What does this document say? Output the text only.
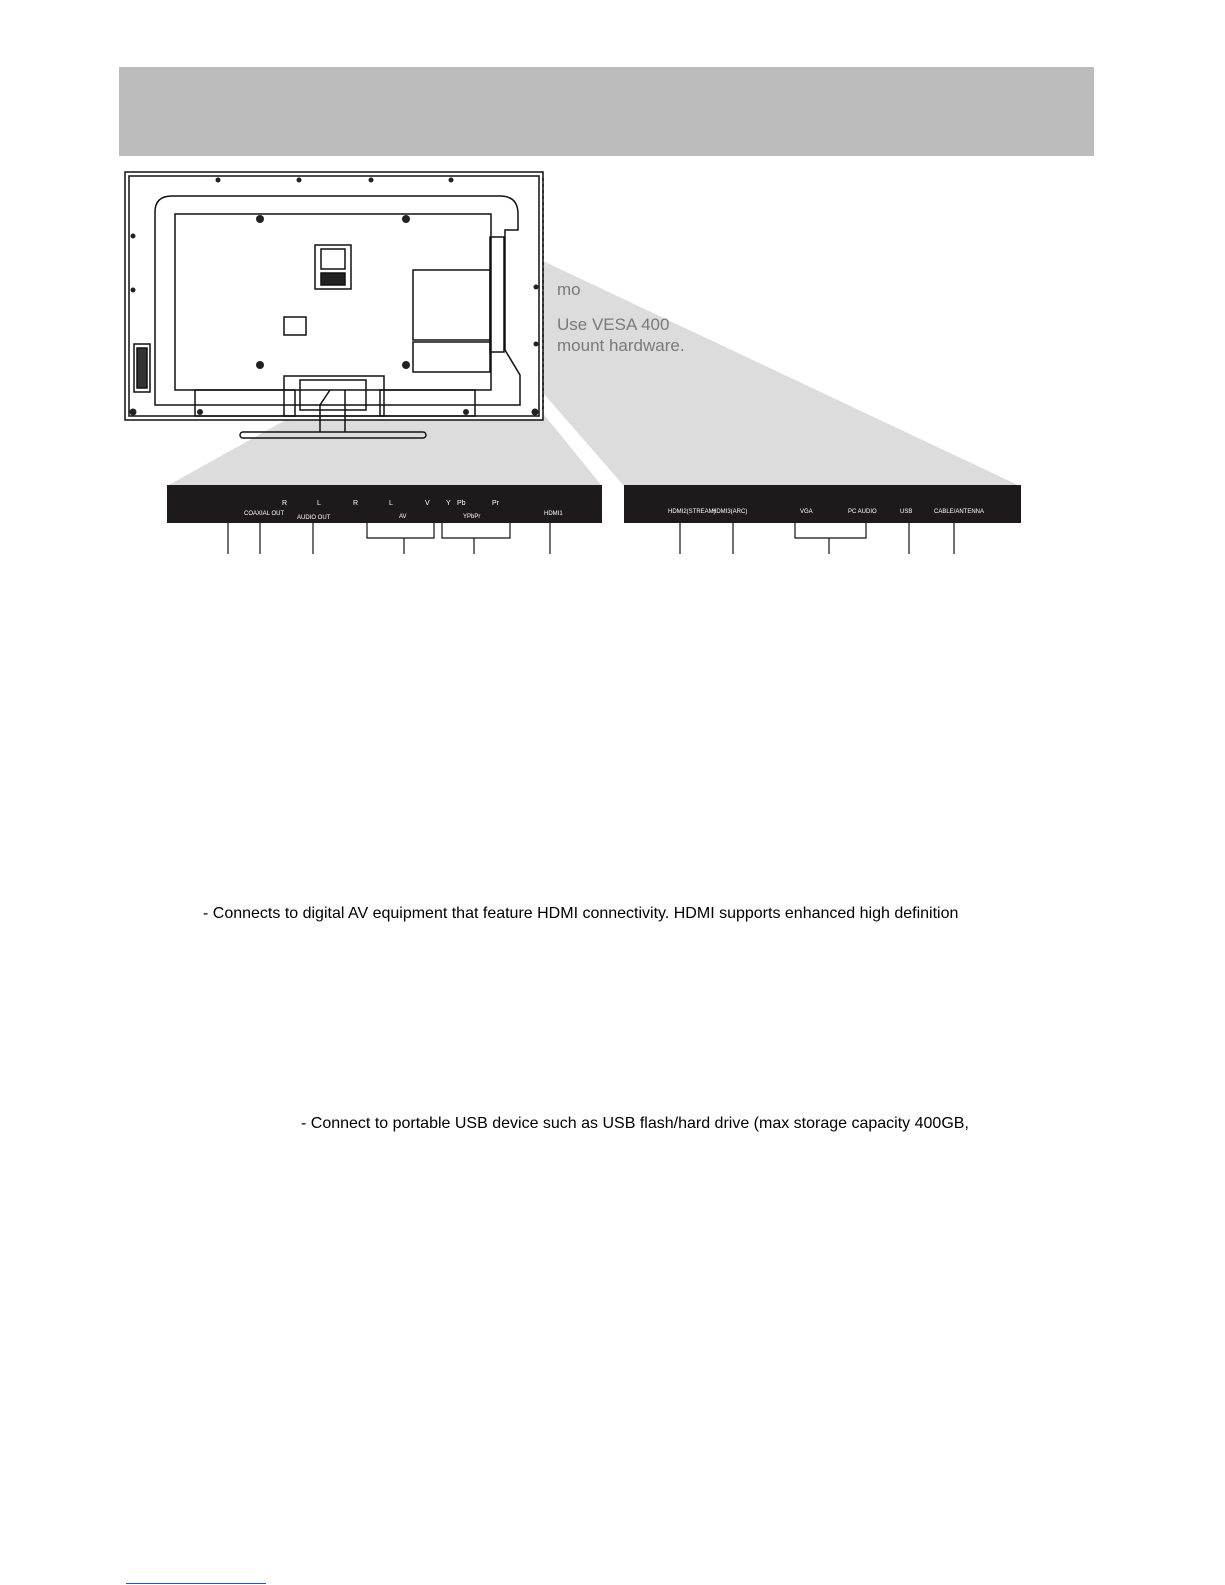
COAXIAL OUT
R	L
AUDIO OUT
R	L	V
AV
Y Pb	Pr
YPbPr	HDMI1	HDMI2(STREAM)
HDMI3(ARC)	VGA	PC AUDIO	USB	CABLE/ANTENNA
mo
Use VESA 400
mount hardware.
- Connects to digital AV equipment that feature HDMI connectivity. HDMI supports enhanced high definition
- Connect to portable USB device such as USB flash/hard drive (max storage capacity 400GB,
